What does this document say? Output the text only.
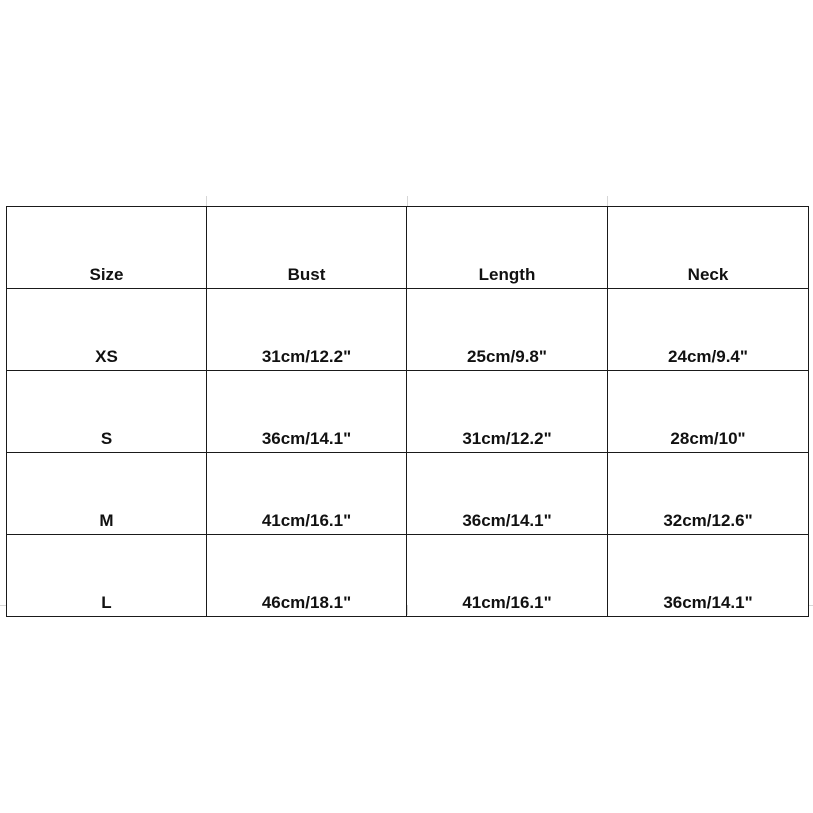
Size	Bust	Length	Neck
XS	31cm/12.2"	25cm/9.8"	24cm/9.4"
S	36cm/14.1"	31cm/12.2"	28cm/10"
M	41cm/16.1"	36cm/14.1"	32cm/12.6"
L	46cm/18.1"	41cm/16.1"	36cm/14.1"
